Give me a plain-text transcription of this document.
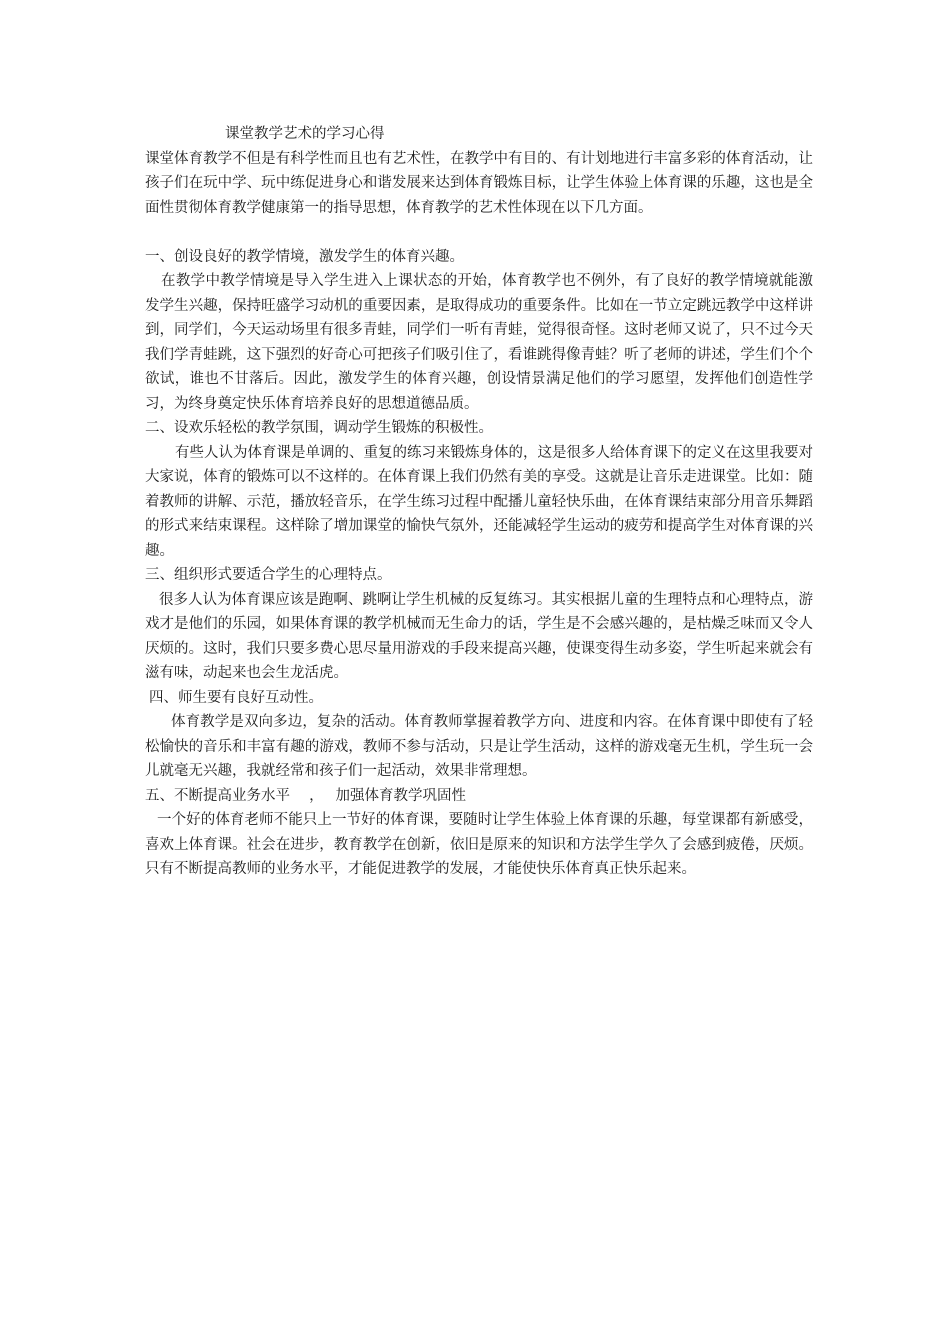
课堂教学艺术的学习心得

课堂体育教学不但是有科学性而且也有艺术性，在教学中有目的、有计划地进行丰富多彩的体育活动，让孩子们在玩中学、玩中练促进身心和谐发展来达到体育锻炼目标，让学生体验上体育课的乐趣，这也是全面性贯彻体育教学健康第一的指导思想，体育教学的艺术性体现在以下几方面。

一、创设良好的教学情境，激发学生的体育兴趣。

在教学中教学情境是导入学生进入上课状态的开始，体育教学也不例外，有了良好的教学情境就能激发学生兴趣，保持旺盛学习动机的重要因素，是取得成功的重要条件。比如在一节立定跳远教学中这样讲到，同学们，今天运动场里有很多青蛙，同学们一听有青蛙，觉得很奇怪。这时老师又说了，只不过今天我们学青蛙跳，这下强烈的好奇心可把孩子们吸引住了，看谁跳得像青蛙？听了老师的讲述，学生们个个欲试，谁也不甘落后。因此，激发学生的体育兴趣，创设情景满足他们的学习愿望，发挥他们创造性学习，为终身奠定快乐体育培养良好的思想道德品质。

二、设欢乐轻松的教学氛围，调动学生锻炼的积极性。

有些人认为体育课是单调的、重复的练习来锻炼身体的，这是很多人给体育课下的定义在这里我要对大家说，体育的锻炼可以不这样的。在体育课上我们仍然有美的享受。这就是让音乐走进课堂。比如：随着教师的讲解、示范，播放轻音乐，在学生练习过程中配播儿童轻快乐曲，在体育课结束部分用音乐舞蹈的形式来结束课程。这样除了增加课堂的愉快气氛外，还能减轻学生运动的疲劳和提高学生对体育课的兴趣。

三、组织形式要适合学生的心理特点。

很多人认为体育课应该是跑啊、跳啊让学生机械的反复练习。其实根据儿童的生理特点和心理特点，游戏才是他们的乐园，如果体育课的教学机械而无生命力的话，学生是不会感兴趣的，是枯燥乏味而又令人厌烦的。这时，我们只要多费心思尽量用游戏的手段来提高兴趣，使课变得生动多姿，学生听起来就会有滋有味，动起来也会生龙活虎。

四、师生要有良好互动性。

体育教学是双向多边，复杂的活动。体育教师掌握着教学方向、进度和内容。在体育课中即使有了轻松愉快的音乐和丰富有趣的游戏，教师不参与活动，只是让学生活动，这样的游戏毫无生机，学生玩一会儿就毫无兴趣，我就经常和孩子们一起活动，效果非常理想。

五、不断提高业务水平　 ，　 加强体育教学巩固性

一个好的体育老师不能只上一节好的体育课，要随时让学生体验上体育课的乐趣，每堂课都有新感受，喜欢上体育课。社会在进步，教育教学在创新，依旧是原来的知识和方法学生学久了会感到疲倦，厌烦。只有不断提高教师的业务水平，才能促进教学的发展，才能使快乐体育真正快乐起来。
